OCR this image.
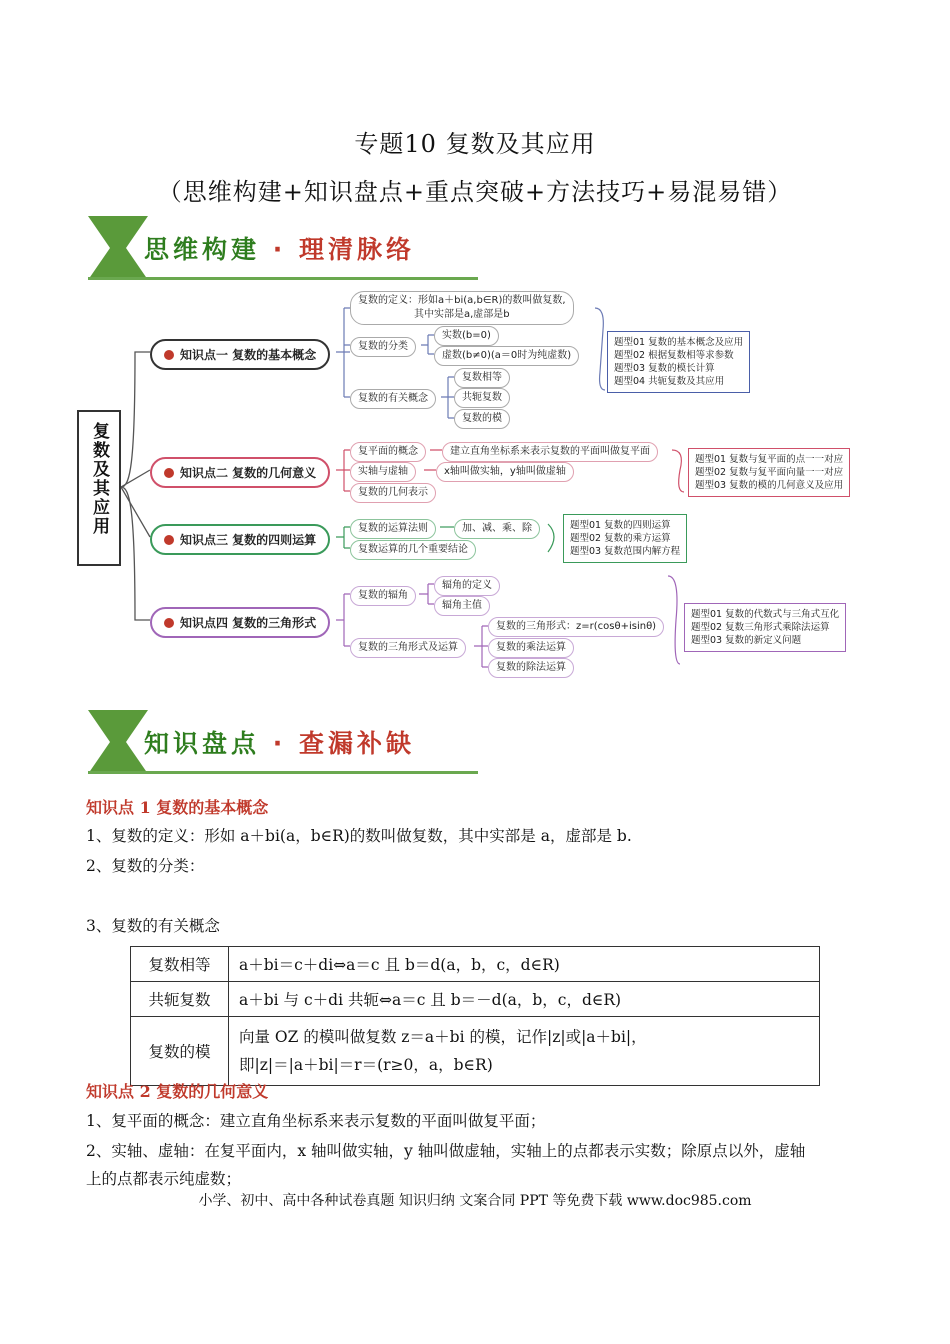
专题10 复数及其应用
（思维构建+知识盘点+重点突破+方法技巧+易混易错）
思维构建 · 理清脉络
复数及其应用
知识点一 复数的基本概念
复数的定义：形如a＋bi(a,b∈R)的数叫做复数,
其中实部是a,虚部是b
复数的分类
实数(b=0)
虚数(b≠0)(a＝0时为纯虚数)
复数的有关概念
复数相等
共轭复数
复数的模
题型01 复数的基本概念及应用
题型02 根据复数相等求参数
题型03 复数的模长计算
题型04 共轭复数及其应用
知识点二 复数的几何意义
复平面的概念	建立直角坐标系来表示复数的平面叫做复平面
实轴与虚轴	x轴叫做实轴，y轴叫做虚轴
复数的几何表示
题型01 复数与复平面的点一一对应
题型02 复数与复平面向量一一对应
题型03 复数的模的几何意义及应用
知识点三 复数的四则运算
复数的运算法则	加、减、乘、除
复数运算的几个重要结论
题型01 复数的四则运算
题型02 复数的乘方运算
题型03 复数范围内解方程
知识点四 复数的三角形式
复数的辐角
辐角的定义
辐角主值
复数的三角形式及运算
复数的三角形式：z=r(cosθ+isinθ)
复数的乘法运算
复数的除法运算
题型01 复数的代数式与三角式互化
题型02 复数三角形式乘除法运算
题型03 复数的新定义问题
知识盘点 · 查漏补缺
知识点 1 复数的基本概念
1、复数的定义：形如 a＋bi(a，b∈R)的数叫做复数，其中实部是 a，虚部是 b.
2、复数的分类：
3、复数的有关概念
复数相等	a＋bi＝c＋di⇔a＝c 且 b＝d(a，b，c，d∈R)
共轭复数	a＋bi 与 c＋di 共轭⇔a＝c 且 b＝－d(a，b，c，d∈R)
复数的模	向量 OZ 的模叫做复数 z＝a＋bi 的模，记作|z|或|a＋bi|，
即|z|＝|a＋bi|＝r＝(r≥0，a，b∈R)
知识点 2 复数的几何意义
1、复平面的概念：建立直角坐标系来表示复数的平面叫做复平面；
2、实轴、虚轴：在复平面内，x 轴叫做实轴，y 轴叫做虚轴，实轴上的点都表示实数；除原点以外，虚轴
上的点都表示纯虚数；
小学、初中、高中各种试卷真题 知识归纳 文案合同 PPT 等免费下载 www.doc985.com
